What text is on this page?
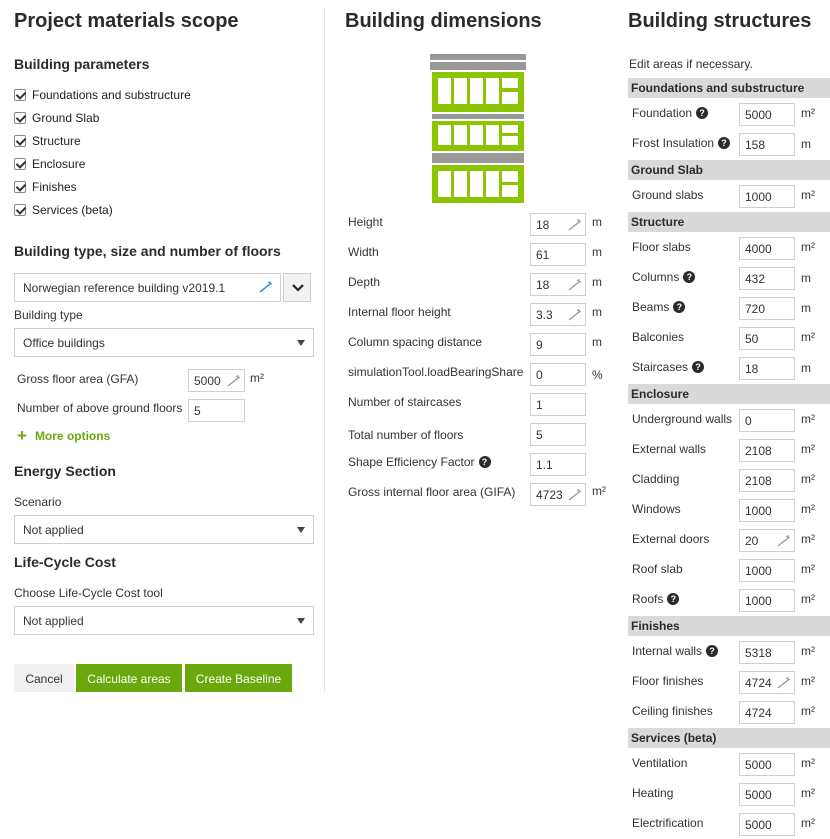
Project materials scope
Building parameters
Foundations and substructure
Ground Slab
Structure
Enclosure
Finishes
Services (beta)
Building type, size and number of floors
Norwegian reference building v2019.1
Building type
Office buildings
Gross floor area (GFA)	5000	m²
Number of above ground floors 5
+ More options
Energy Section
Scenario
Not applied
Life-Cycle Cost
Choose Life-Cycle Cost tool
Not applied
Cancel	Calculate areas	Create Baseline
Building dimensions
Height	18	m
Width	61	m
Depth	18	m
Internal floor height	3.3	m
Column spacing distance	9	m
simulationTool.loadBearingShare	0	%
Number of staircases	1
Total number of floors	5
Shape Efficiency Factor ?	1.1
Gross internal floor area (GIFA)	4723	m²
Building structures
Edit areas if necessary.
Foundations and substructure
Foundation ?	5000	m²
Frost Insulation ?	158	m
Ground Slab
Ground slabs	1000	m²
Structure
Floor slabs	4000	m²
Columns ?	432	m
Beams ?	720	m
Balconies	50	m²
Staircases ?	18	m
Enclosure
Underground walls	0	m²
External walls	2108	m²
Cladding	2108	m²
Windows	1000	m²
External doors	20	m²
Roof slab	1000	m²
Roofs ?	1000	m²
Finishes
Internal walls ?	5318	m²
Floor finishes	4724	m²
Ceiling finishes	4724	m²
Services (beta)
Ventilation	5000	m²
Heating	5000	m²
Electrification	5000	m²
